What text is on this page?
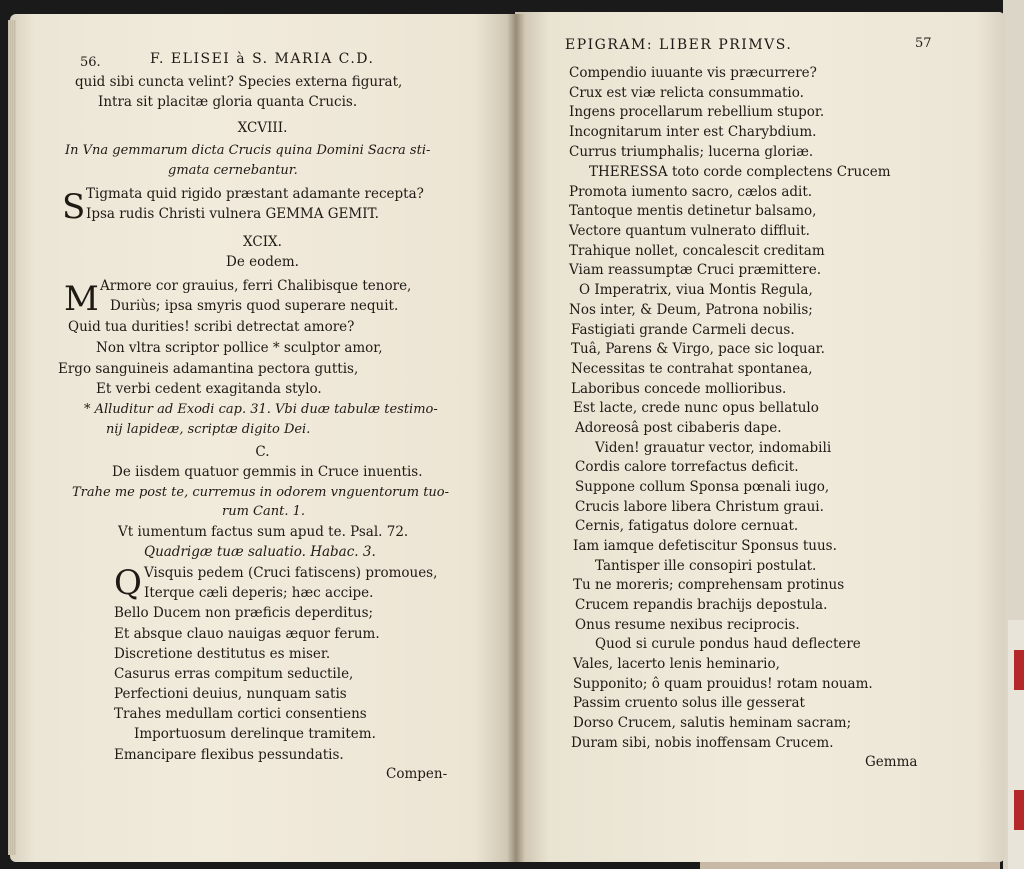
56.	F. ELISEI à S. MARIA C.D.
quid sibi cuncta velint? Species externa figurat,
Intra sit placitæ gloria quanta Crucis.
XCVIII.
In Vna gemmarum dicta Crucis quina Domini Sacra sti-
gmata cernebantur.
S Tigmata quid rigido præstant adamante recepta?
Ipsa rudis Christi vulnera GEMMA GEMIT.
XCIX.
De eodem.
M Armore cor grauius, ferri Chalibisque tenore,
Duriùs; ipsa smyris quod superare nequit.
Quid tua durities! scribi detrectat amore?
Non vltra scriptor pollice * sculptor amor,
Ergo sanguineis adamantina pectora guttis,
Et verbi cedent exagitanda stylo.
* Alluditur ad Exodi cap. 31. Vbi duæ tabulæ testimo-
nij lapideæ, scriptæ digito Dei.
C.
De iisdem quatuor gemmis in Cruce inuentis.
Trahe me post te, curremus in odorem vnguentorum tuo-
rum Cant. 1.
Vt iumentum factus sum apud te. Psal. 72.
Quadrigæ tuæ saluatio. Habac. 3.
Q Visquis pedem (Cruci fatiscens) promoues,
Iterque cæli deperis; hæc accipe.
Bello Ducem non præficis deperditus;
Et absque clauo nauigas æquor ferum.
Discretione destitutus es miser.
Casurus erras compitum seductile,
Perfectioni deuius, nunquam satis
Trahes medullam cortici consentiens
Importuosum derelinque tramitem.
Emancipare flexibus pessundatis.
Compen-
EPIGRAM: LIBER PRIMVS.	57
Compendio iuuante vis præcurrere?
Crux est viæ relicta consummatio.
Ingens procellarum rebellium stupor.
Incognitarum inter est Charybdium.
Currus triumphalis; lucerna gloriæ.
THERESSA toto corde complectens Crucem
Promota iumento sacro, cælos adit.
Tantoque mentis detinetur balsamo,
Vectore quantum vulnerato diffluit.
Trahique nollet, concalescit creditam
Viam reassumptæ Cruci præmittere.
O Imperatrix, viua Montis Regula,
Nos inter, & Deum, Patrona nobilis;
Fastigiati grande Carmeli decus.
Tuâ, Parens & Virgo, pace sic loquar.
Necessitas te contrahat spontanea,
Laboribus concede mollioribus.
Est lacte, crede nunc opus bellatulo
Adoreosâ post cibaberis dape.
Viden! grauatur vector, indomabili
Cordis calore torrefactus deficit.
Suppone collum Sponsa pœnali iugo,
Crucis labore libera Christum graui.
Cernis, fatigatus dolore cernuat.
Iam iamque defetiscitur Sponsus tuus.
Tantisper ille consopiri postulat.
Tu ne moreris; comprehensam protinus
Crucem repandis brachijs depostula.
Onus resume nexibus reciprocis.
Quod si curule pondus haud deflectere
Vales, lacerto lenis heminario,
Supponito; ô quam prouidus! rotam nouam.
Passim cruento solus ille gesserat
Dorso Crucem, salutis heminam sacram;
Duram sibi, nobis inoffensam Crucem.
Gemma
